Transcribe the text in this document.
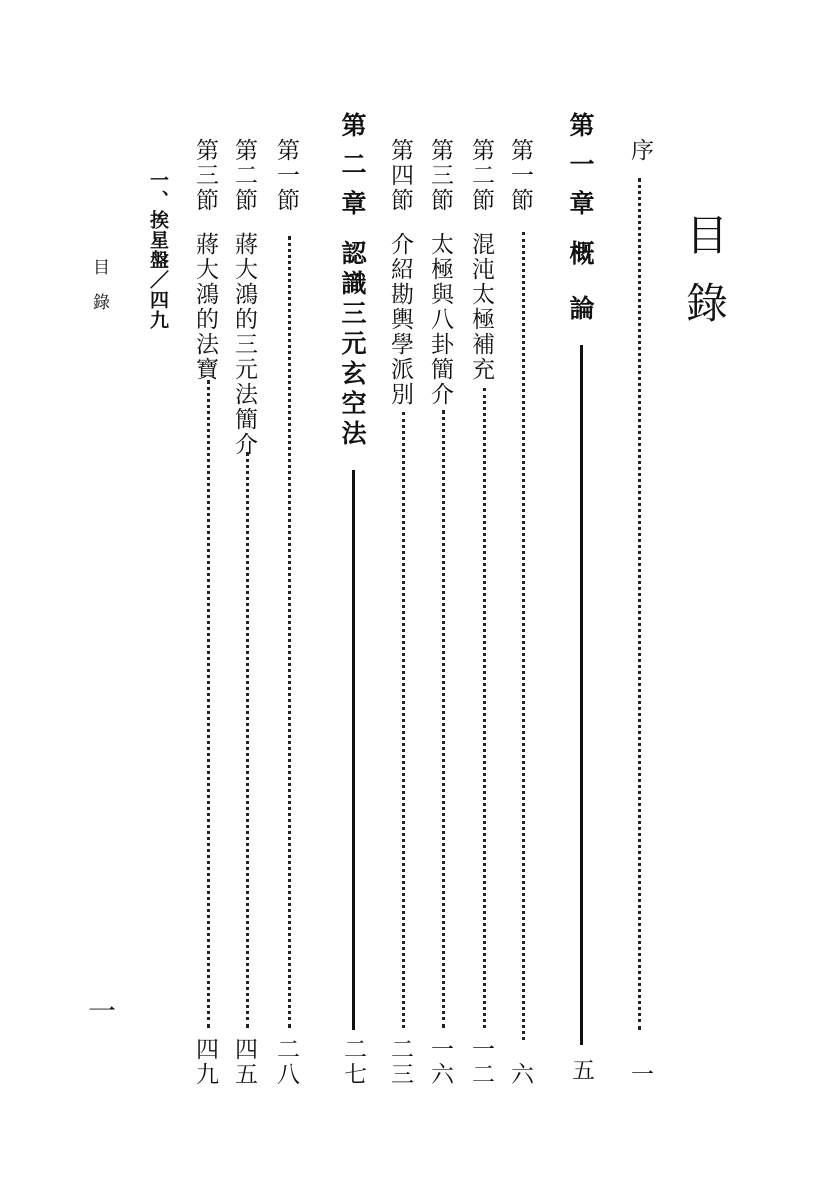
目錄
序
一
第一章
概論
五
第一節
六
第二節
混沌太極補充
一二
第三節
太極與八卦簡介
一六
第四節
介紹勘輿學派別
二三
第二章
認識三元玄空法
二七
第一節
二八
第二節
蔣大鴻的三元法簡介
四五
第三節
蔣大鴻的法寶
四九
一、挨星盤／四九
目錄
一
